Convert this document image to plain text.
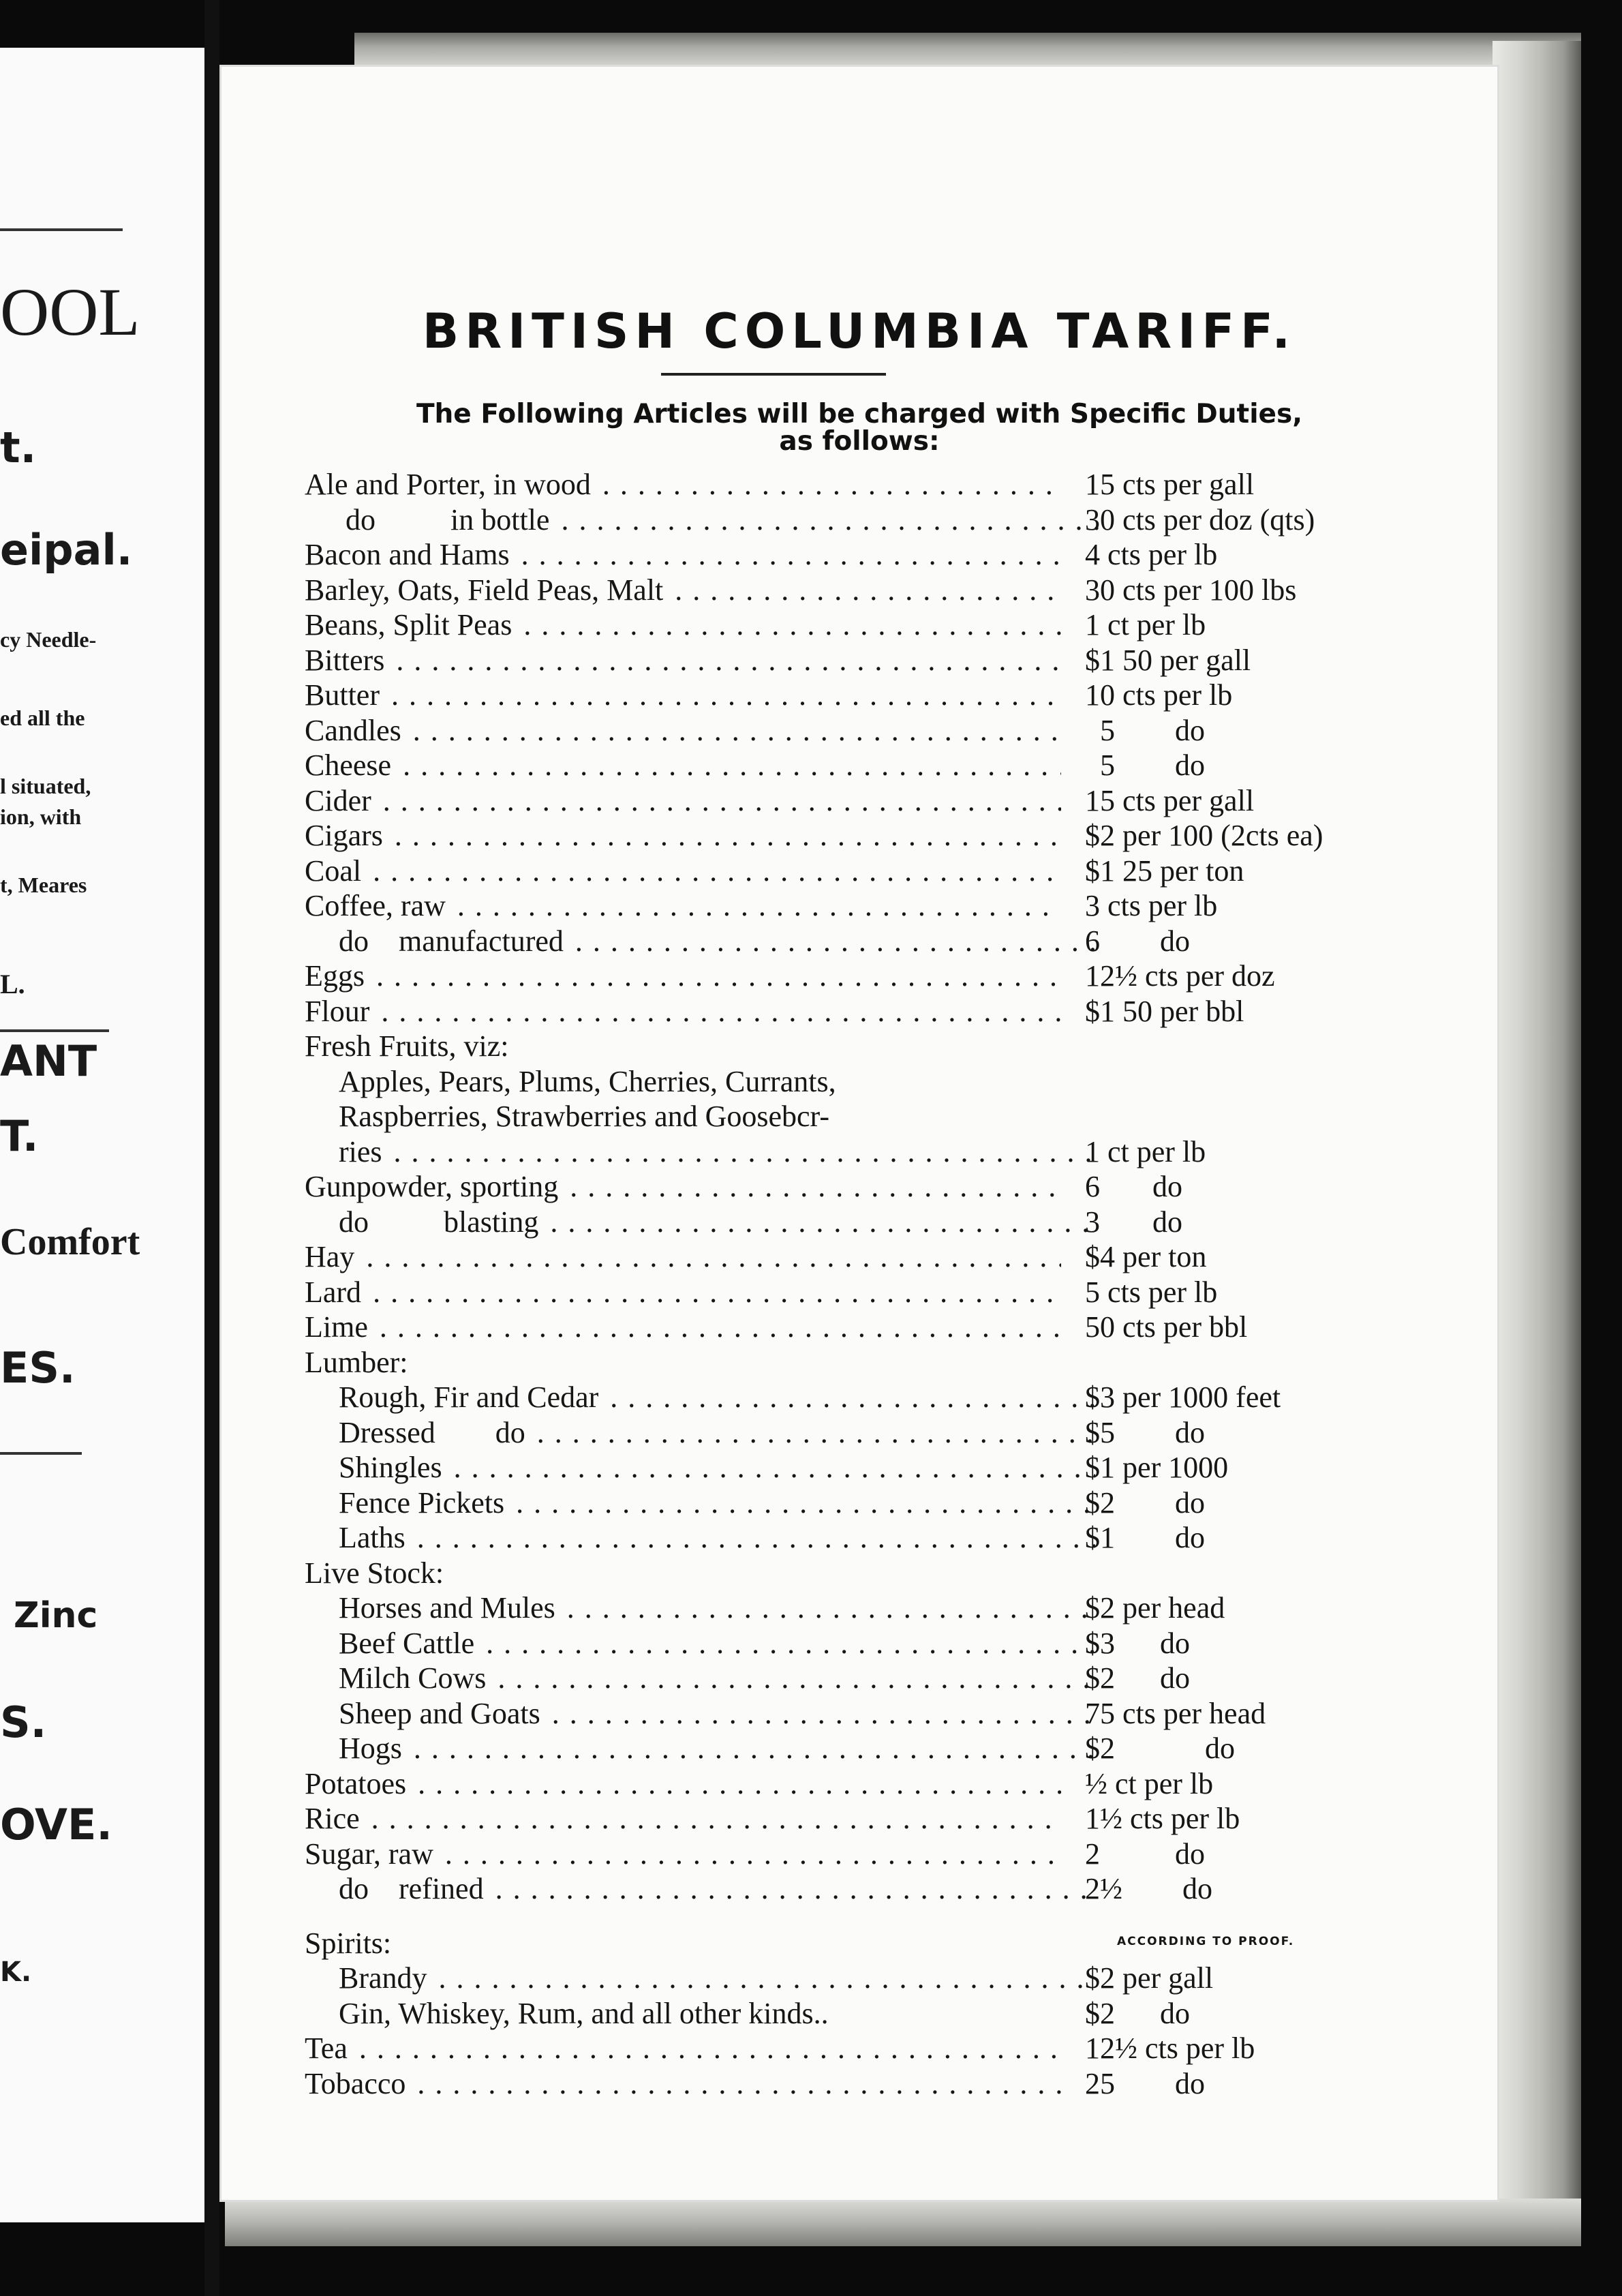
OOL
t.
eipal.
cy Needle-
ed all the
l situated,
ion, with
t, Meares
L.
ANT
T.
Comfort
ES.
Zinc
S.
OVE.
K.
BRITISH COLUMBIA TARIFF.
The Following Articles will be charged with Specific Duties,
as follows:
Ale and Porter, in wood . . .	15 cts per gall
do          in bottle . . .	30 cts per doz (qts)
Bacon and Hams . . .	4 cts per lb
Barley, Oats, Field Peas, Malt . . .	30 cts per 100 lbs
Beans, Split Peas . . .	1 ct per lb
Bitters . . .	$1 50 per gall
Butter . . .	10 cts per lb
Candles . . .	5        do
Cheese . . .	5        do
Cider . . .	15 cts per gall
Cigars . . .	$2 per 100 (2cts ea)
Coal . . .	$1 25 per ton
Coffee, raw . . .	3 cts per lb
do    manufactured . . .	6        do
Eggs . . .	12½ cts per doz
Flour . . .	$1 50 per bbl
Fresh Fruits, viz:
Apples, Pears, Plums, Cherries, Currants,
Raspberries, Strawberries and Goosebcr-
ries . . .	1 ct per lb
Gunpowder, sporting . . .	6       do
do          blasting . . .	3       do
Hay . . .	$4 per ton
Lard . . .	5 cts per lb
Lime . . .	50 cts per bbl
Lumber:
Rough, Fir and Cedar . . .	$3 per 1000 feet
Dressed        do . . .	$5        do
Shingles . . .	$1 per 1000
Fence Pickets . . .	$2        do
Laths . . .	$1        do
Live Stock:
Horses and Mules . . .	$2 per head
Beef Cattle . . .	$3      do
Milch Cows . . .	$2      do
Sheep and Goats . . .	75 cts per head
Hogs . . .	$2            do
Potatoes . . .	½ ct per lb
Rice . . .	1½ cts per lb
Sugar, raw . . .	2          do
do    refined . . .	2½        do
Spirits:	ACCORDING TO PROOF.
Brandy . . .	$2 per gall
Gin, Whiskey, Rum, and all other kinds..	$2      do
Tea . . .	12½ cts per lb
Tobacco . . .	25        do
